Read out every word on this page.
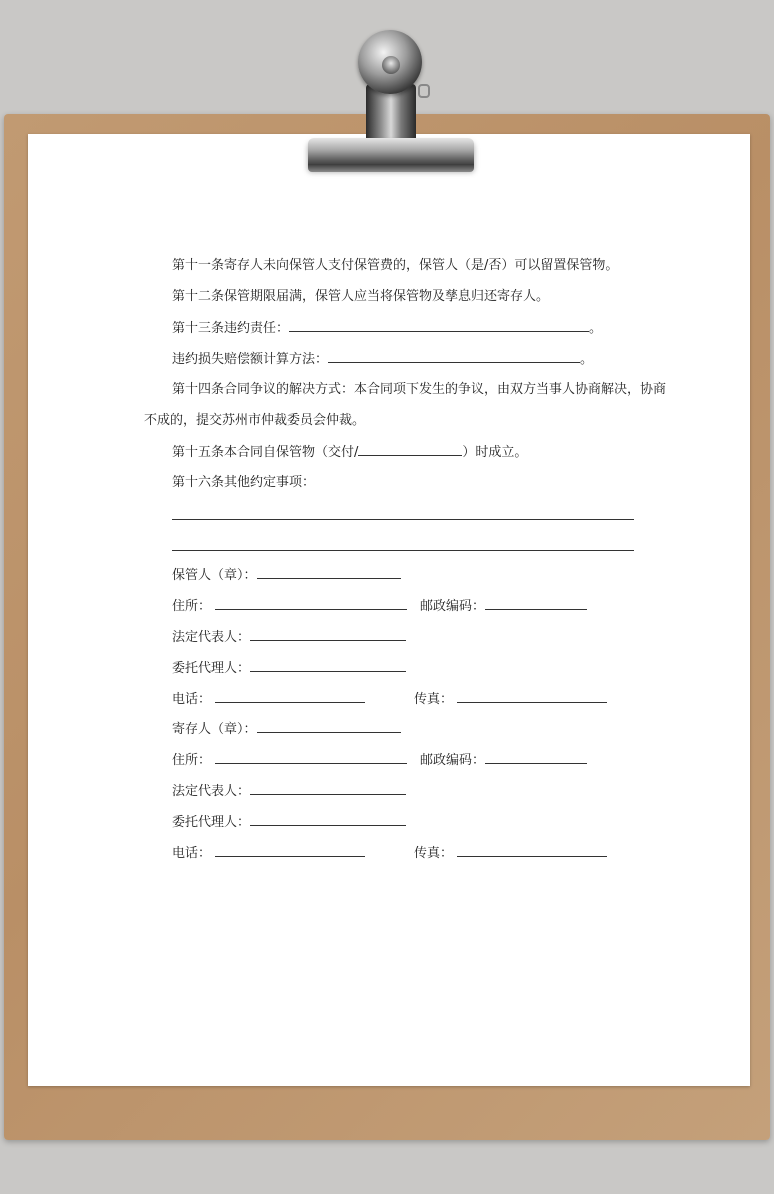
第十一条寄存人未向保管人支付保管费的，保管人（是/否）可以留置保管物。
第十二条保管期限届满，保管人应当将保管物及孳息归还寄存人。
第十三条违约责任：	。
违约损失赔偿额计算方法：	。
第十四条合同争议的解决方式：本合同项下发生的争议，由双方当事人协商解决，协商
不成的，提交苏州市仲裁委员会仲裁。
第十五条本合同自保管物（交付/	）时成立。
第十六条其他约定事项：
保管人（章）：
住所：	邮政编码：
法定代表人：
委托代理人：
电话：	传真：
寄存人（章）：
住所：	邮政编码：
法定代表人：
委托代理人：
电话：	传真：
